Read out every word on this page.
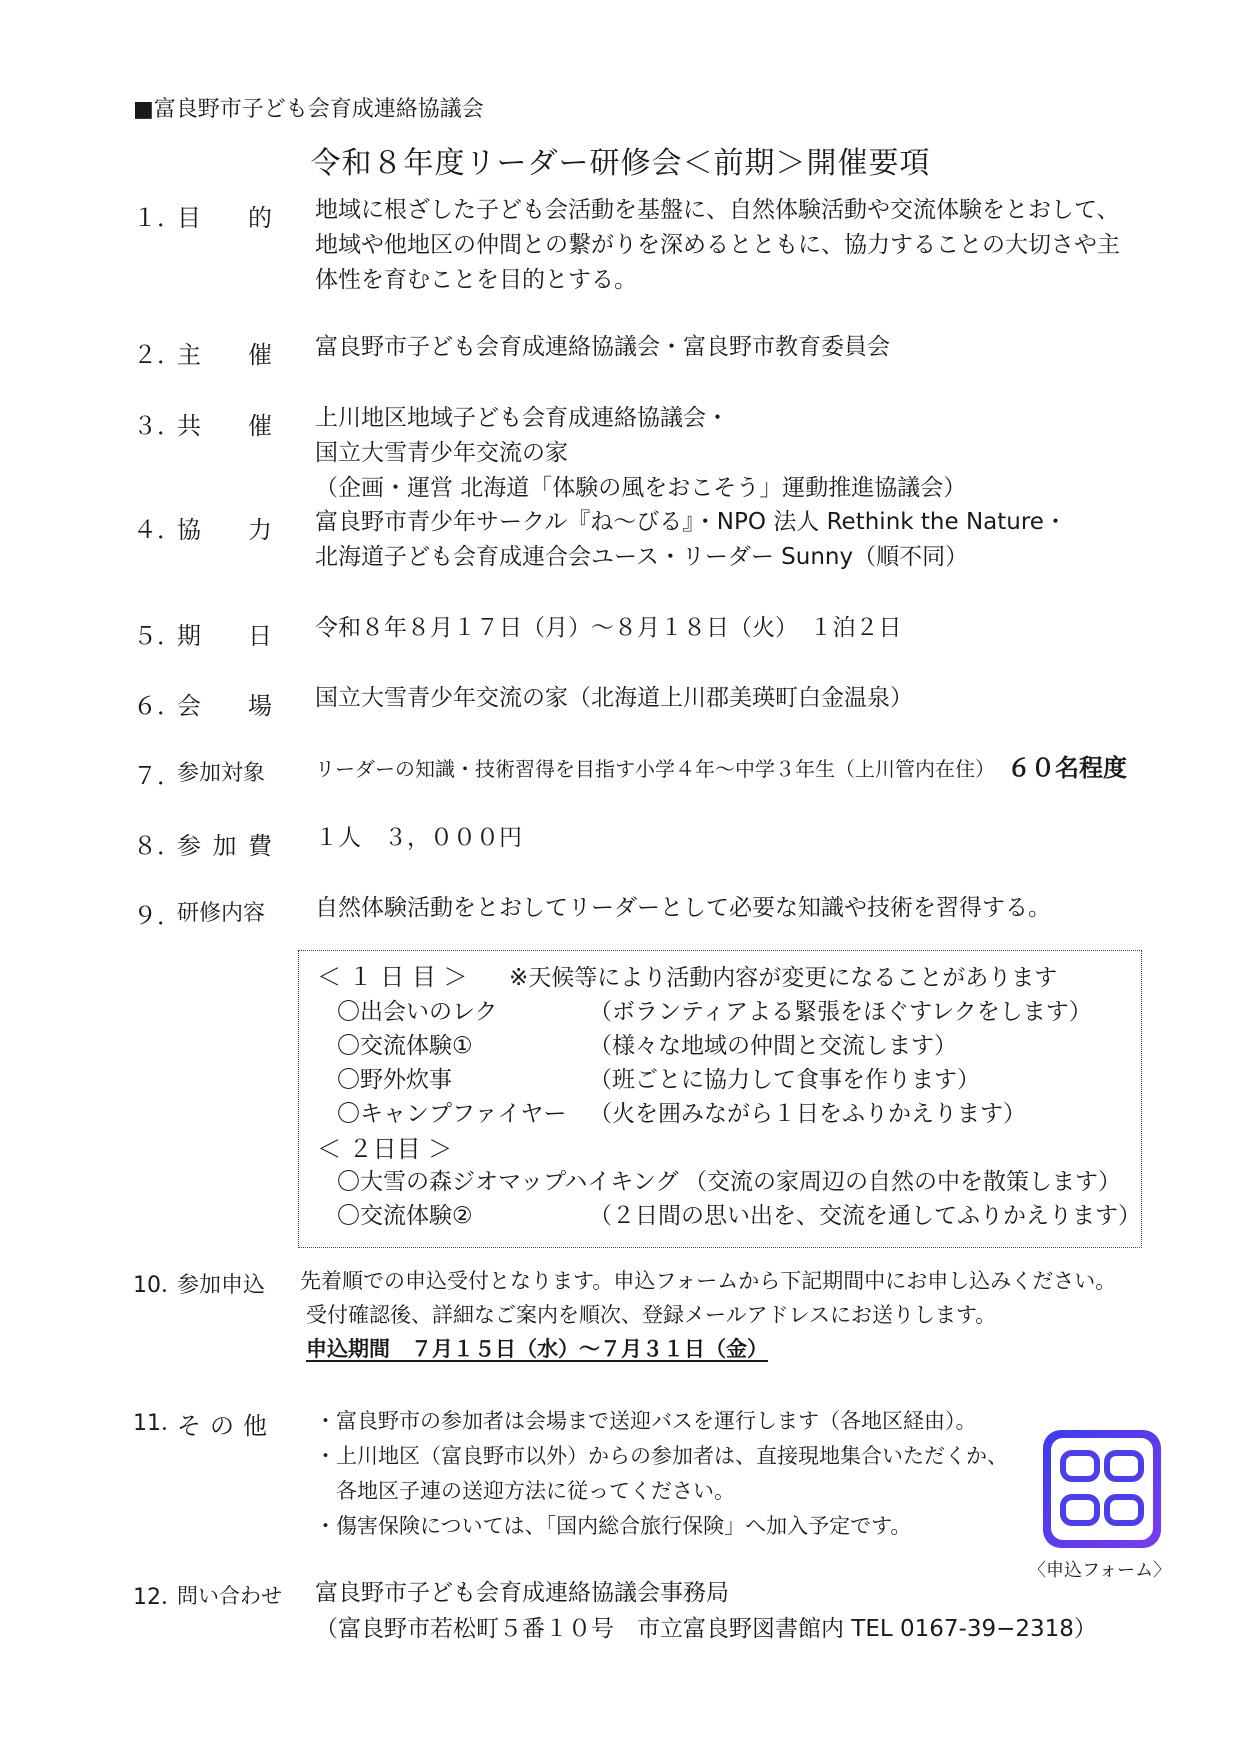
■富良野市子ども会育成連絡協議会
令和８年度リーダー研修会＜前期＞開催要項
１．
目 的 地域に根ざした子ども会活動を基盤に、自然体験活動や交流体験をとおして、
地域や他地区の仲間との繋がりを深めるとともに、協力することの大切さや主
体性を育むことを目的とする。
２．
主 催 富良野市子ども会育成連絡協議会・富良野市教育委員会
３．
共 催 上川地区地域子ども会育成連絡協議会・
国立大雪青少年交流の家
（企画・運営 北海道「体験の風をおこそう」運動推進協議会）
４．
協 力 富良野市青少年サークル『ね～びる』・NPO 法人 Rethink the Nature・
北海道子ども会育成連合会ユース・リーダー Sunny（順不同）
５．
期 日 令和８年８月１７日（月）～８月１８日（火）　１泊２日
６．
会 場 国立大雪青少年交流の家（北海道上川郡美瑛町白金温泉）
７．
参加対象 リーダーの知識・技術習得を目指す小学４年～中学３年生（上川管内在住） ６０名程度
８．
参 加 費 １人　３，０００円
９．
研修内容 自然体験活動をとおしてリーダーとして必要な知識や技術を習得する。
＜ １ 日 目 ＞ ※天候等により活動内容が変更になることがあります
〇出会いのレク	（ボランティアよる緊張をほぐすレクをします）
〇交流体験①	（様々な地域の仲間と交流します）
〇野外炊事	（班ごとに協力して食事を作ります）
〇キャンプファイヤー （火を囲みながら１日をふりかえります）
＜ ２日目 ＞
〇大雪の森ジオマップハイキング （交流の家周辺の自然の中を散策します）
〇交流体験②	（２日間の思い出を、交流を通してふりかえります）
10．
参加申込 先着順での申込受付となります。申込フォームから下記期間中にお申し込みください。
受付確認後、詳細なご案内を順次、登録メールアドレスにお送りします。
申込期間　７月１５日（水）～７月３１日（金）
11．
そ の 他 ・富良野市の参加者は会場まで送迎バスを運行します（各地区経由）。
・上川地区（富良野市以外）からの参加者は、直接現地集合いただくか、
　各地区子連の送迎方法に従ってください。
・傷害保険については、「国内総合旅行保険」へ加入予定です。
〈申込フォーム〉
12．
問い合わせ 富良野市子ども会育成連絡協議会事務局
（富良野市若松町５番１０号　市立富良野図書館内 TEL 0167-39−2318）
